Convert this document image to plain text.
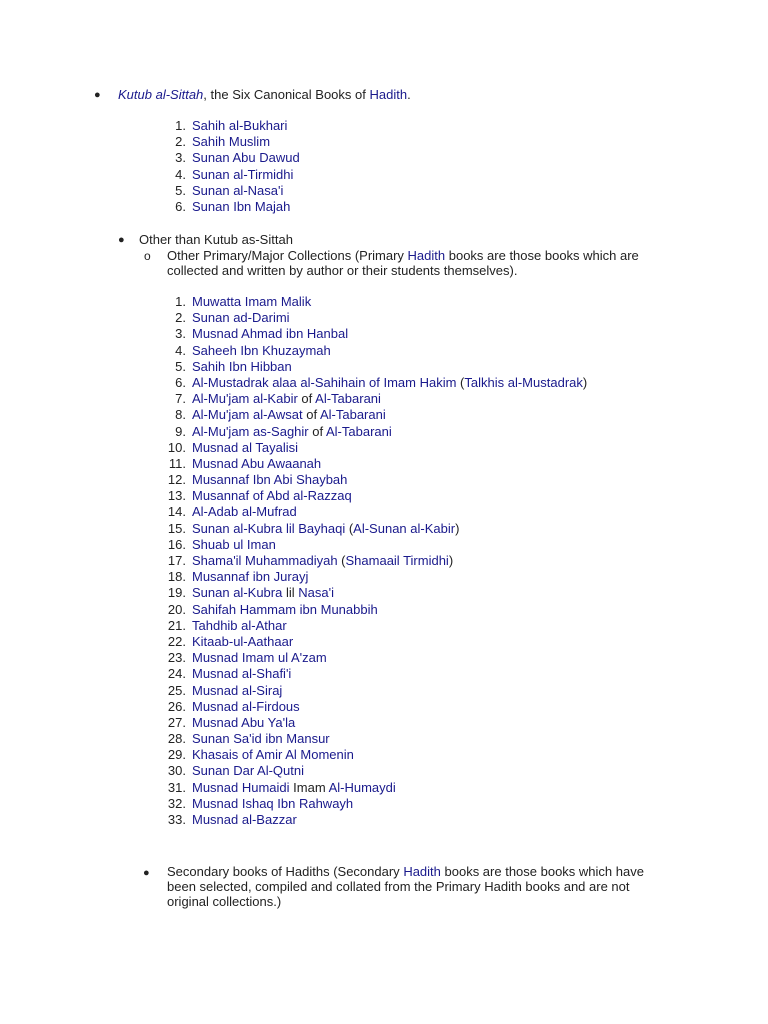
● Kutub al-Sittah, the Six Canonical Books of Hadith.
1. Sahih al-Bukhari
2. Sahih Muslim
3. Sunan Abu Dawud
4. Sunan al-Tirmidhi
5. Sunan al-Nasa'i
6. Sunan Ibn Majah
● Other than Kutub as-Sittah
o Other Primary/Major Collections (Primary Hadith books are those books which are
collected and written by author or their students themselves).
1. Muwatta Imam Malik
2. Sunan ad-Darimi
3. Musnad Ahmad ibn Hanbal
4. Saheeh Ibn Khuzaymah
5. Sahih Ibn Hibban
6. Al-Mustadrak alaa al-Sahihain of Imam Hakim (Talkhis al-Mustadrak)
7. Al-Mu'jam al-Kabir of Al-Tabarani
8. Al-Mu'jam al-Awsat of Al-Tabarani
9. Al-Mu'jam as-Saghir of Al-Tabarani
10. Musnad al Tayalisi
11. Musnad Abu Awaanah
12. Musannaf Ibn Abi Shaybah
13. Musannaf of Abd al-Razzaq
14. Al-Adab al-Mufrad
15. Sunan al-Kubra lil Bayhaqi (Al-Sunan al-Kabir)
16. Shuab ul Iman
17. Shama'il Muhammadiyah (Shamaail Tirmidhi)
18. Musannaf ibn Jurayj
19. Sunan al-Kubra lil Nasa'i
20. Sahifah Hammam ibn Munabbih
21. Tahdhib al-Athar
22. Kitaab-ul-Aathaar
23. Musnad Imam ul A'zam
24. Musnad al-Shafi'i
25. Musnad al-Siraj
26. Musnad al-Firdous
27. Musnad Abu Ya'la
28. Sunan Sa'id ibn Mansur
29. Khasais of Amir Al Momenin
30. Sunan Dar Al-Qutni
31. Musnad Humaidi Imam Al-Humaydi
32. Musnad Ishaq Ibn Rahwayh
33. Musnad al-Bazzar
● Secondary books of Hadiths (Secondary Hadith books are those books which have
been selected, compiled and collated from the Primary Hadith books and are not
original collections.)
